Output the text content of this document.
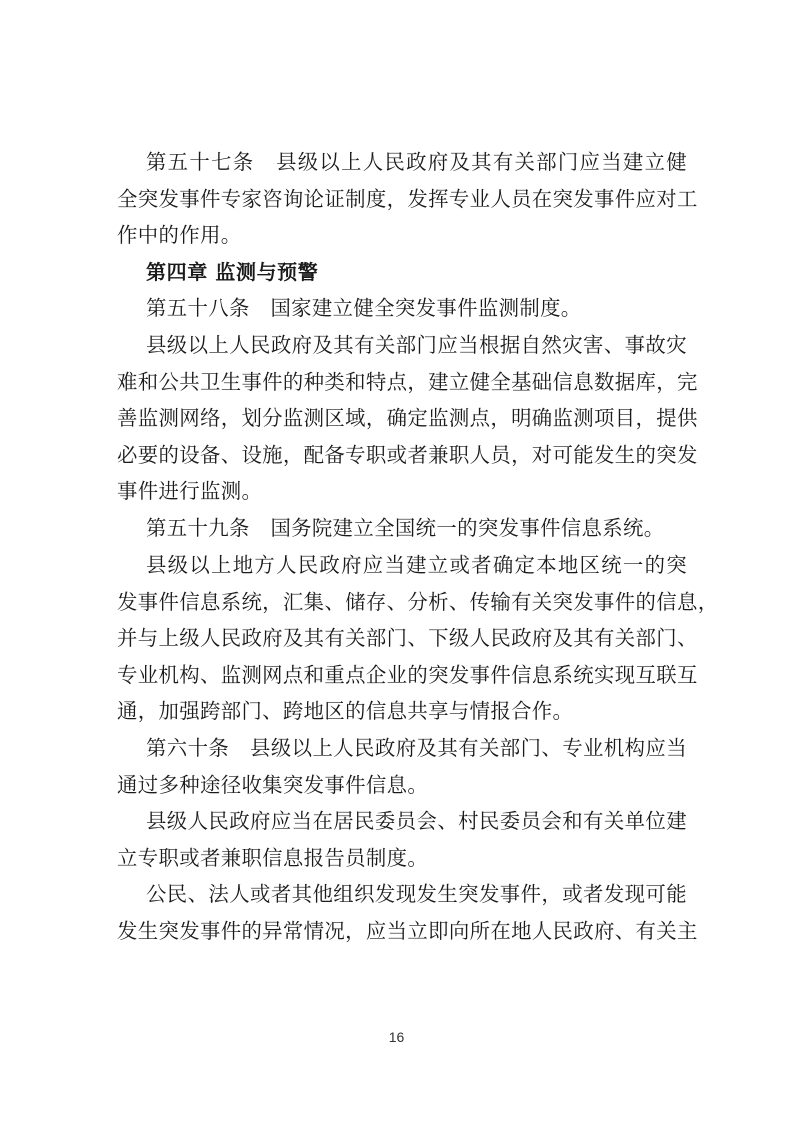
第五十七条　县级以上人民政府及其有关部门应当建立健
全突发事件专家咨询论证制度，发挥专业人员在突发事件应对工
作中的作用。
第四章 监测与预警
第五十八条　国家建立健全突发事件监测制度。
县级以上人民政府及其有关部门应当根据自然灾害、事故灾
难和公共卫生事件的种类和特点，建立健全基础信息数据库，完
善监测网络，划分监测区域，确定监测点，明确监测项目，提供
必要的设备、设施，配备专职或者兼职人员，对可能发生的突发
事件进行监测。
第五十九条　国务院建立全国统一的突发事件信息系统。
县级以上地方人民政府应当建立或者确定本地区统一的突
发事件信息系统，汇集、储存、分析、传输有关突发事件的信息，
并与上级人民政府及其有关部门、下级人民政府及其有关部门、
专业机构、监测网点和重点企业的突发事件信息系统实现互联互
通，加强跨部门、跨地区的信息共享与情报合作。
第六十条　县级以上人民政府及其有关部门、专业机构应当
通过多种途径收集突发事件信息。
县级人民政府应当在居民委员会、村民委员会和有关单位建
立专职或者兼职信息报告员制度。
公民、法人或者其他组织发现发生突发事件，或者发现可能
发生突发事件的异常情况，应当立即向所在地人民政府、有关主
16
